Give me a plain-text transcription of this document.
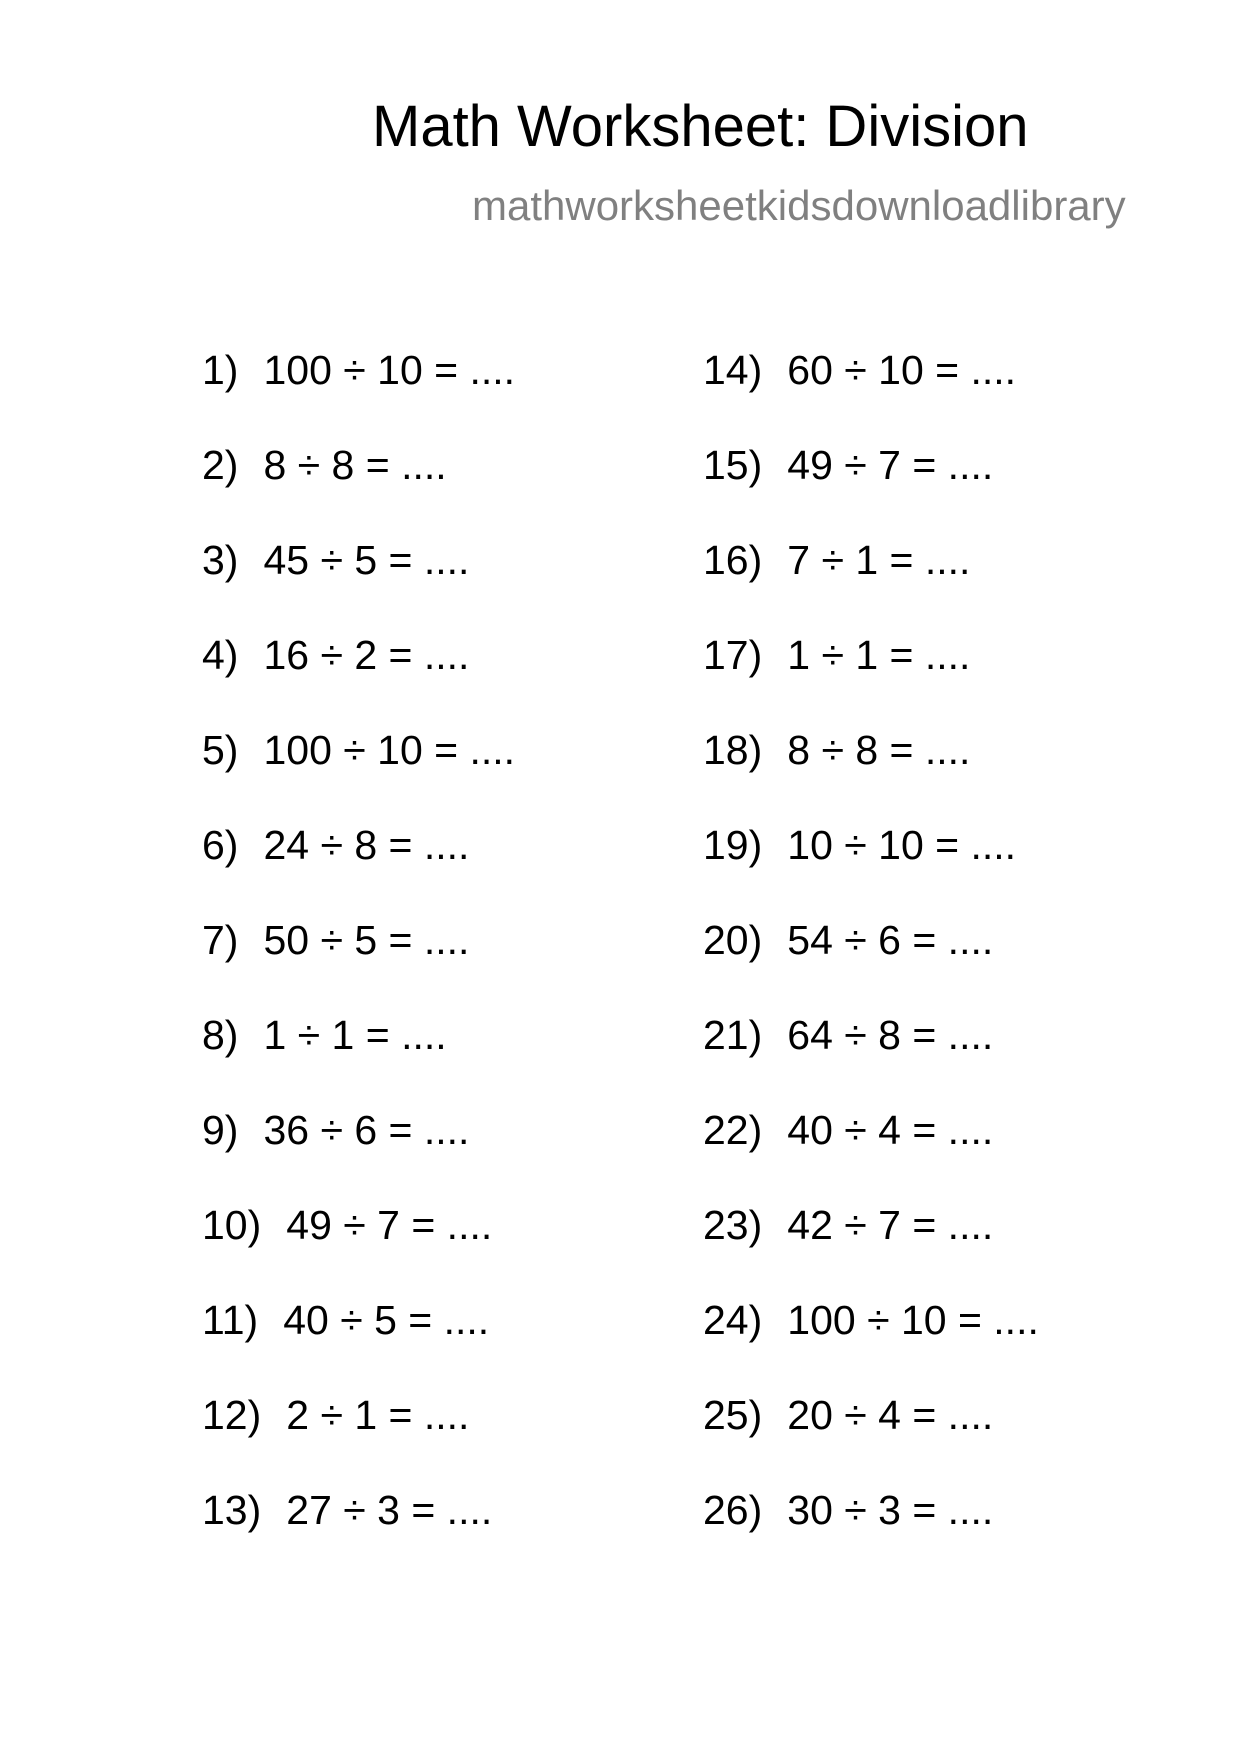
Math Worksheet: Division
mathworksheetkidsdownloadlibrary
1) 100 ÷ 10 = ....
2) 8 ÷ 8 = ....
3) 45 ÷ 5 = ....
4) 16 ÷ 2 = ....
5) 100 ÷ 10 = ....
6) 24 ÷ 8 = ....
7) 50 ÷ 5 = ....
8) 1 ÷ 1 = ....
9) 36 ÷ 6 = ....
10) 49 ÷ 7 = ....
11) 40 ÷ 5 = ....
12) 2 ÷ 1 = ....
13) 27 ÷ 3 = ....
14) 60 ÷ 10 = ....
15) 49 ÷ 7 = ....
16) 7 ÷ 1 = ....
17) 1 ÷ 1 = ....
18) 8 ÷ 8 = ....
19) 10 ÷ 10 = ....
20) 54 ÷ 6 = ....
21) 64 ÷ 8 = ....
22) 40 ÷ 4 = ....
23) 42 ÷ 7 = ....
24) 100 ÷ 10 = ....
25) 20 ÷ 4 = ....
26) 30 ÷ 3 = ....
